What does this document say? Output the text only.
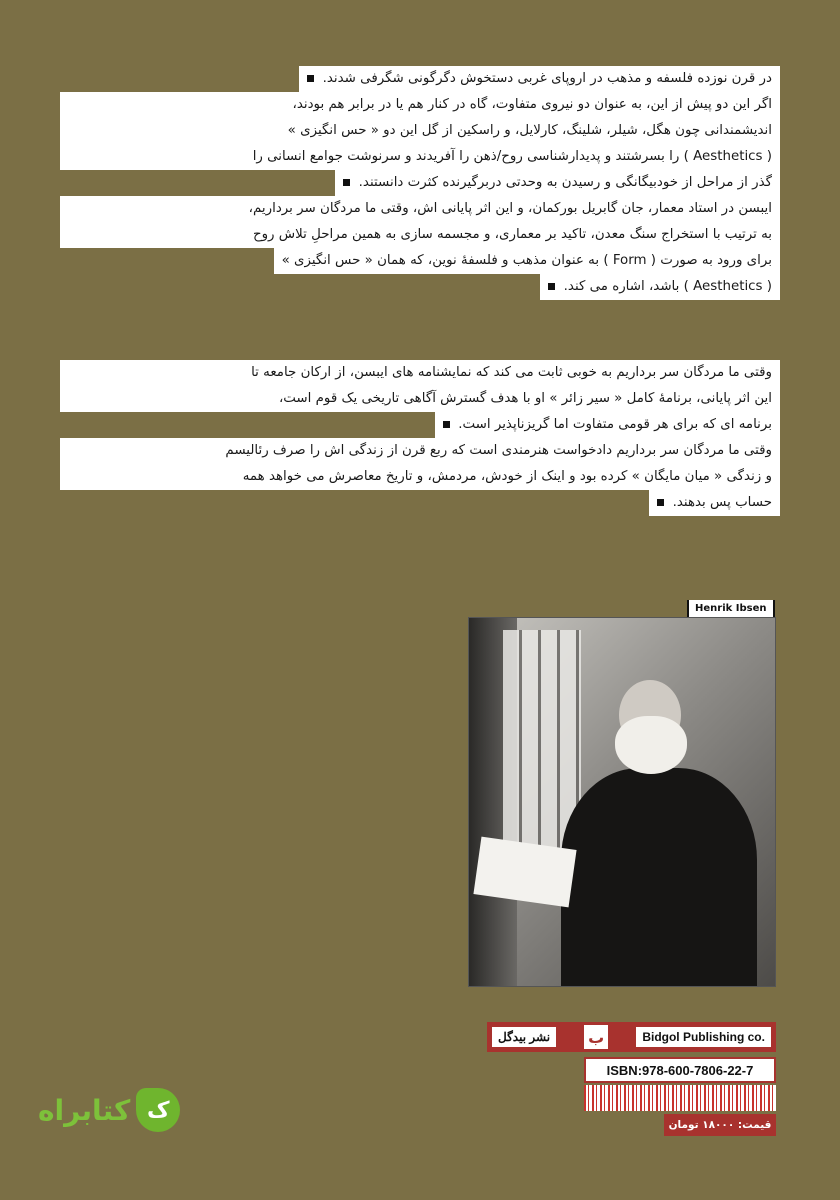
در قرن نوزده فلسفه و مذهب در اروپای غربی دستخوش دگرگونی شگرفی شدند.
اگر این دو پیش از این، به عنوان دو نیروی متفاوت، گاه در کنار هم یا در برابر هم بودند،
اندیشمندانی چون هگل، شیلر، شلینگ، کارلایل، و راسکین از گل این دو « حس انگیزی »
( Aesthetics ) را بسرشتند و پدیدارشناسی روح/ذهن را آفریدند و سرنوشت جوامع انسانی را
گذر از مراحل از خودبیگانگی و رسیدن به وحدتی دربرگیرنده کثرت دانستند.
ایبسن در استاد معمار، جان گابریل بورکمان، و این اثر پایانی اش، وقتی ما مردگان سر برداریم،
به ترتیب با استخراج سنگ معدن، تاکید بر معماری، و مجسمه سازی به همین مراحلِ تلاش روح
برای ورود به صورت ( Form ) به عنوان مذهب و فلسفهٔ نوین، که همان « حس انگیزی »
( Aesthetics ) باشد، اشاره می کند.
وقتی ما مردگان سر برداریم به خوبی ثابت می کند که نمایشنامه های ایبسن، از ارکان جامعه تا
این اثر پایانی، برنامهٔ کامل « سیر زائر » او با هدف گسترش آگاهی تاریخی یک قوم است،
برنامه ای که برای هر قومی متفاوت اما گریزناپذیر است.
وقتی ما مردگان سر برداریم دادخواست هنرمندی است که ربع قرن از زندگی اش را صرف رئالیسم
و زندگی « میان مایگان » کرده بود و اینک از خودش، مردمش، و تاریخ معاصرش می خواهد همه
حساب پس بدهند.
Henrik Ibsen
نشر بیدگل	ب	Bidgol Publishing co.
ISBN:978-600-7806-22-7
قیمت: ۱۸۰۰۰ تومان
ک
کتابراه
